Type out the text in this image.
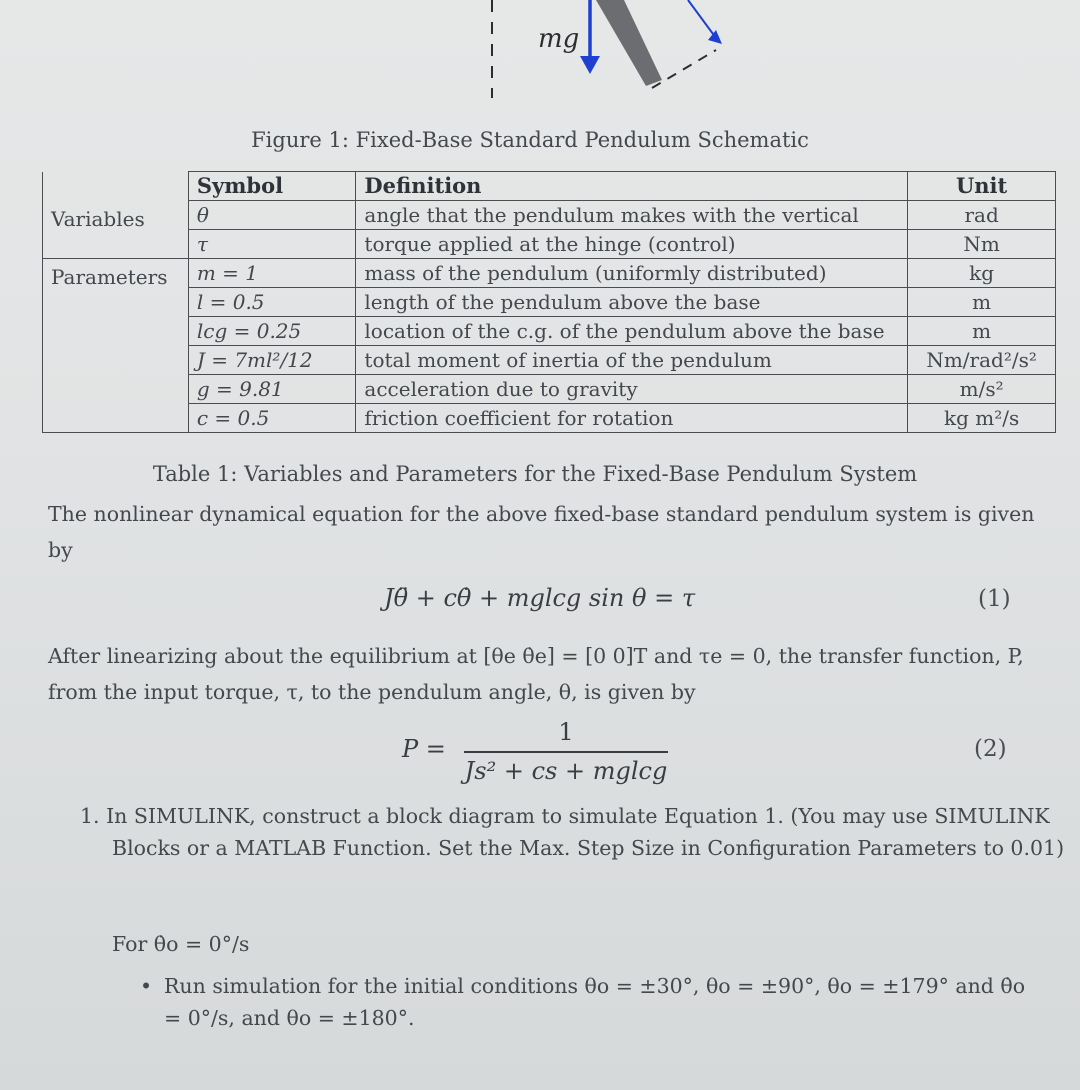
mg
Figure 1: Fixed-Base Standard Pendulum Schematic
	Symbol	Definition	Unit
Variables	θ	angle that the pendulum makes with the vertical	rad
	τ	torque applied at the hinge (control)	Nm
Parameters	m = 1	mass of the pendulum (uniformly distributed)	kg
	l = 0.5	length of the pendulum above the base	m
	lcg = 0.25	location of the c.g. of the pendulum above the base	m
	J = 7ml²/12	total moment of inertia of the pendulum	Nm/rad²/s²
	g = 9.81	acceleration due to gravity	m/s²
	c = 0.5	friction coefficient for rotation	kg m²/s
Table 1: Variables and Parameters for the Fixed-Base Pendulum System
The nonlinear dynamical equation for the above fixed-base standard pendulum system is given by
Jθ̈ + cθ̇ + mglcg sin θ = τ	(1)
After linearizing about the equilibrium at [θe θ̇e] = [0 0]T and τe = 0, the transfer function, P, from the input torque, τ, to the pendulum angle, θ, is given by
P =
1
Js² + cs + mglcg
(2)
1. In SIMULINK, construct a block diagram to simulate Equation 1. (You may use SIMULINK Blocks or a MATLAB Function. Set the Max. Step Size in Configuration Parameters to 0.01)
For θ̇o = 0°/s
• Run simulation for the initial conditions θo = ±30°, θo = ±90°, θo = ±179° and θ̇o = 0°/s, and θo = ±180°.
